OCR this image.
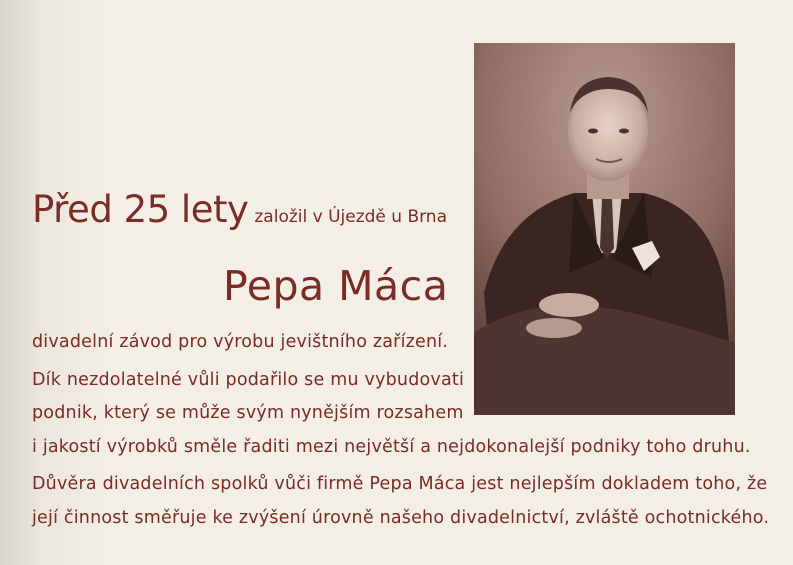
Před 25 lety založil v Újezdě u Brna
Pepa Máca
divadelní závod pro výrobu jevištního zařízení.
Dík nezdolatelné vůli podařilo se mu vybudovati
podnik, který se může svým nynějším rozsahem
i jakostí výrobků směle řaditi mezi největší a nejdokonalejší podniky toho druhu.
Důvěra divadelních spolků vůči firmě Pepa Máca jest nejlepším dokladem toho, že
její činnost směřuje ke zvýšení úrovně našeho divadelnictví, zvláště ochotnického.
